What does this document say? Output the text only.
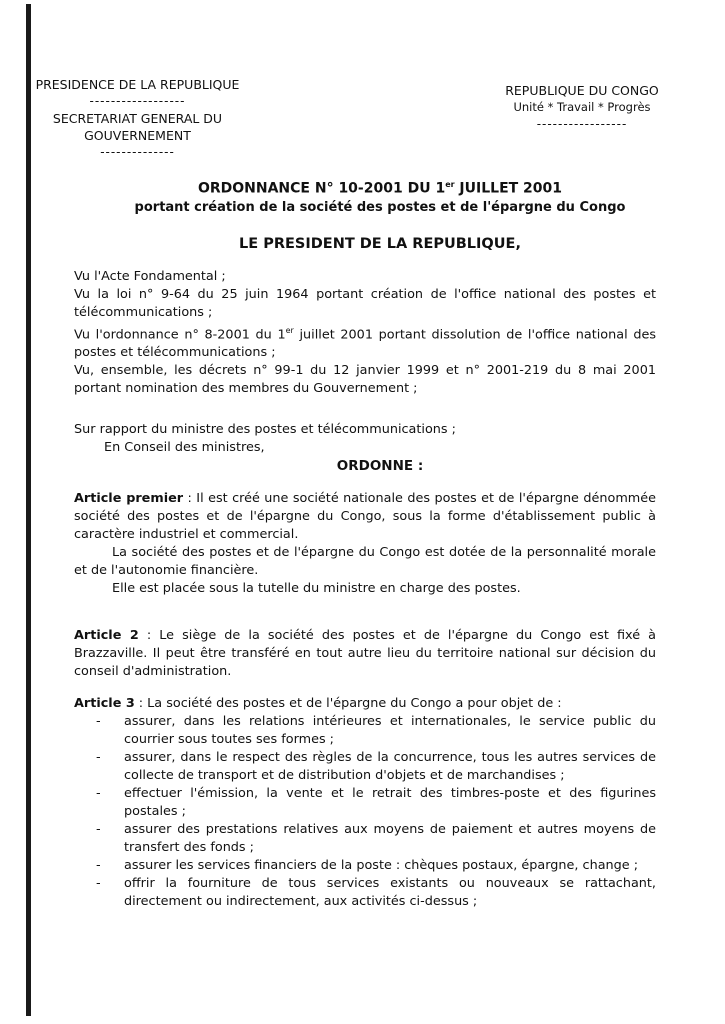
PRESIDENCE DE LA REPUBLIQUE
------------------
SECRETARIAT GENERAL DU
GOUVERNEMENT
--------------
REPUBLIQUE DU CONGO
Unité * Travail * Progrès
-----------------
ORDONNANCE N° 10-2001 DU 1er JUILLET 2001
portant création de la société des postes et de l'épargne du Congo
LE PRESIDENT DE LA REPUBLIQUE,

Vu l'Acte Fondamental ;

Vu la loi n° 9-64 du 25 juin 1964 portant création de l'office national des postes et télécommunications ;

Vu l'ordonnance n° 8-2001 du 1er juillet 2001 portant dissolution de l'office national des postes et télécommunications ;

Vu, ensemble, les décrets n° 99-1 du 12 janvier 1999 et n° 2001-219 du 8 mai 2001 portant nomination des membres du Gouvernement ;

Sur rapport du ministre des postes et télécommunications ;

En Conseil des ministres,

ORDONNE :

Article premier : Il est créé une société nationale des postes et de l'épargne dénommée société des postes et de l'épargne du Congo, sous la forme d'établissement public à caractère industriel et commercial.

La société des postes et de l'épargne du Congo est dotée de la personnalité morale et de l'autonomie financière.

Elle est placée sous la tutelle du ministre en charge des postes.

Article 2 : Le siège de la société des postes et de l'épargne du Congo est fixé à Brazzaville. Il peut être transféré en tout autre lieu du territoire national sur décision du conseil d'administration.

Article 3 : La société des postes et de l'épargne du Congo a pour objet de :

- assurer, dans les relations intérieures et internationales, le service public du courrier sous toutes ses formes ;
- assurer, dans le respect des règles de la concurrence, tous les autres services de collecte de transport et de distribution d'objets et de marchandises ;
- effectuer l'émission, la vente et le retrait des timbres-poste et des figurines postales ;
- assurer des prestations relatives aux moyens de paiement et autres moyens de transfert des fonds ;
- assurer les services financiers de la poste : chèques postaux, épargne, change ;
- offrir la fourniture de tous services existants ou nouveaux se rattachant, directement ou indirectement, aux activités ci-dessus ;
